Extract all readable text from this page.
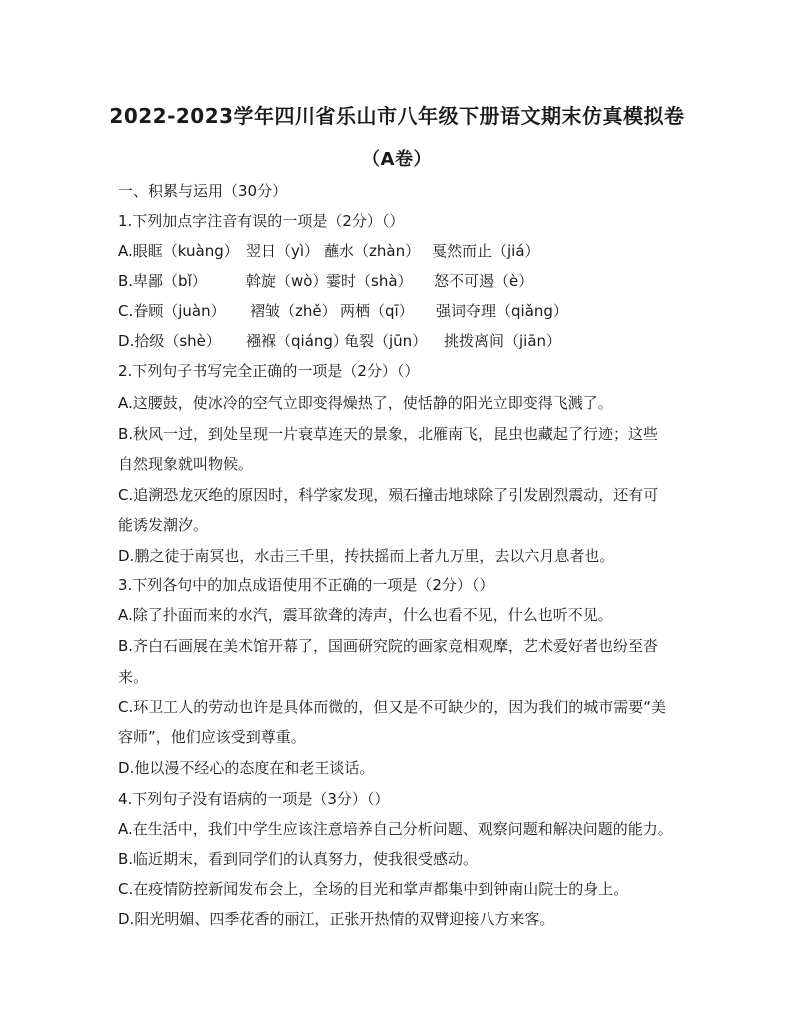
2022-2023学年四川省乐山市八年级下册语文期末仿真模拟卷
（A卷）
一、积累与运用（30分）
1.下列加点字注音有误的一项是（2分）（）
A.眼眶（kuàng） 翌日（yì） 蘸水（zhàn） 戛然而止（jiá）
B.卑鄙（bǐ）	斡旋（wò）霎时（shà） 怒不可遏（è）
C.眷顾（juàn） 褶皱（zhě） 两栖（qī） 强词夺理（qiǎng）
D.拾级（shè） 襁褓（qiáng）龟裂（jūn） 挑拨离间（jiān）
2.下列句子书写完全正确的一项是（2分）（）
A.这腰鼓，使冰冷的空气立即变得燥热了，使恬静的阳光立即变得飞溅了。
B.秋风一过，到处呈现一片衰草连天的景象，北雁南飞，昆虫也藏起了行迹；这些
自然现象就叫物候。
C.追溯恐龙灭绝的原因时，科学家发现，殒石撞击地球除了引发剧烈震动，还有可
能诱发潮汐。
D.鹏之徒于南冥也，水击三千里，抟扶摇而上者九万里，去以六月息者也。
3.下列各句中的加点成语使用不正确的一项是（2分）（）
A.除了扑面而来的水汽，震耳欲聋的涛声，什么也看不见，什么也听不见。
B.齐白石画展在美术馆开幕了，国画研究院的画家竞相观摩，艺术爱好者也纷至沓
来。
C.环卫工人的劳动也许是具体而微的，但又是不可缺少的，因为我们的城市需要“美
容师”，他们应该受到尊重。
D.他以漫不经心的态度在和老王谈话。
4.下列句子没有语病的一项是（3分）（）
A.在生活中，我们中学生应该注意培养自己分析问题、观察问题和解决问题的能力。
B.临近期末，看到同学们的认真努力，使我很受感动。
C.在疫情防控新闻发布会上，全场的目光和掌声都集中到钟南山院士的身上。
D.阳光明媚、四季花香的丽江，正张开热情的双臂迎接八方来客。
